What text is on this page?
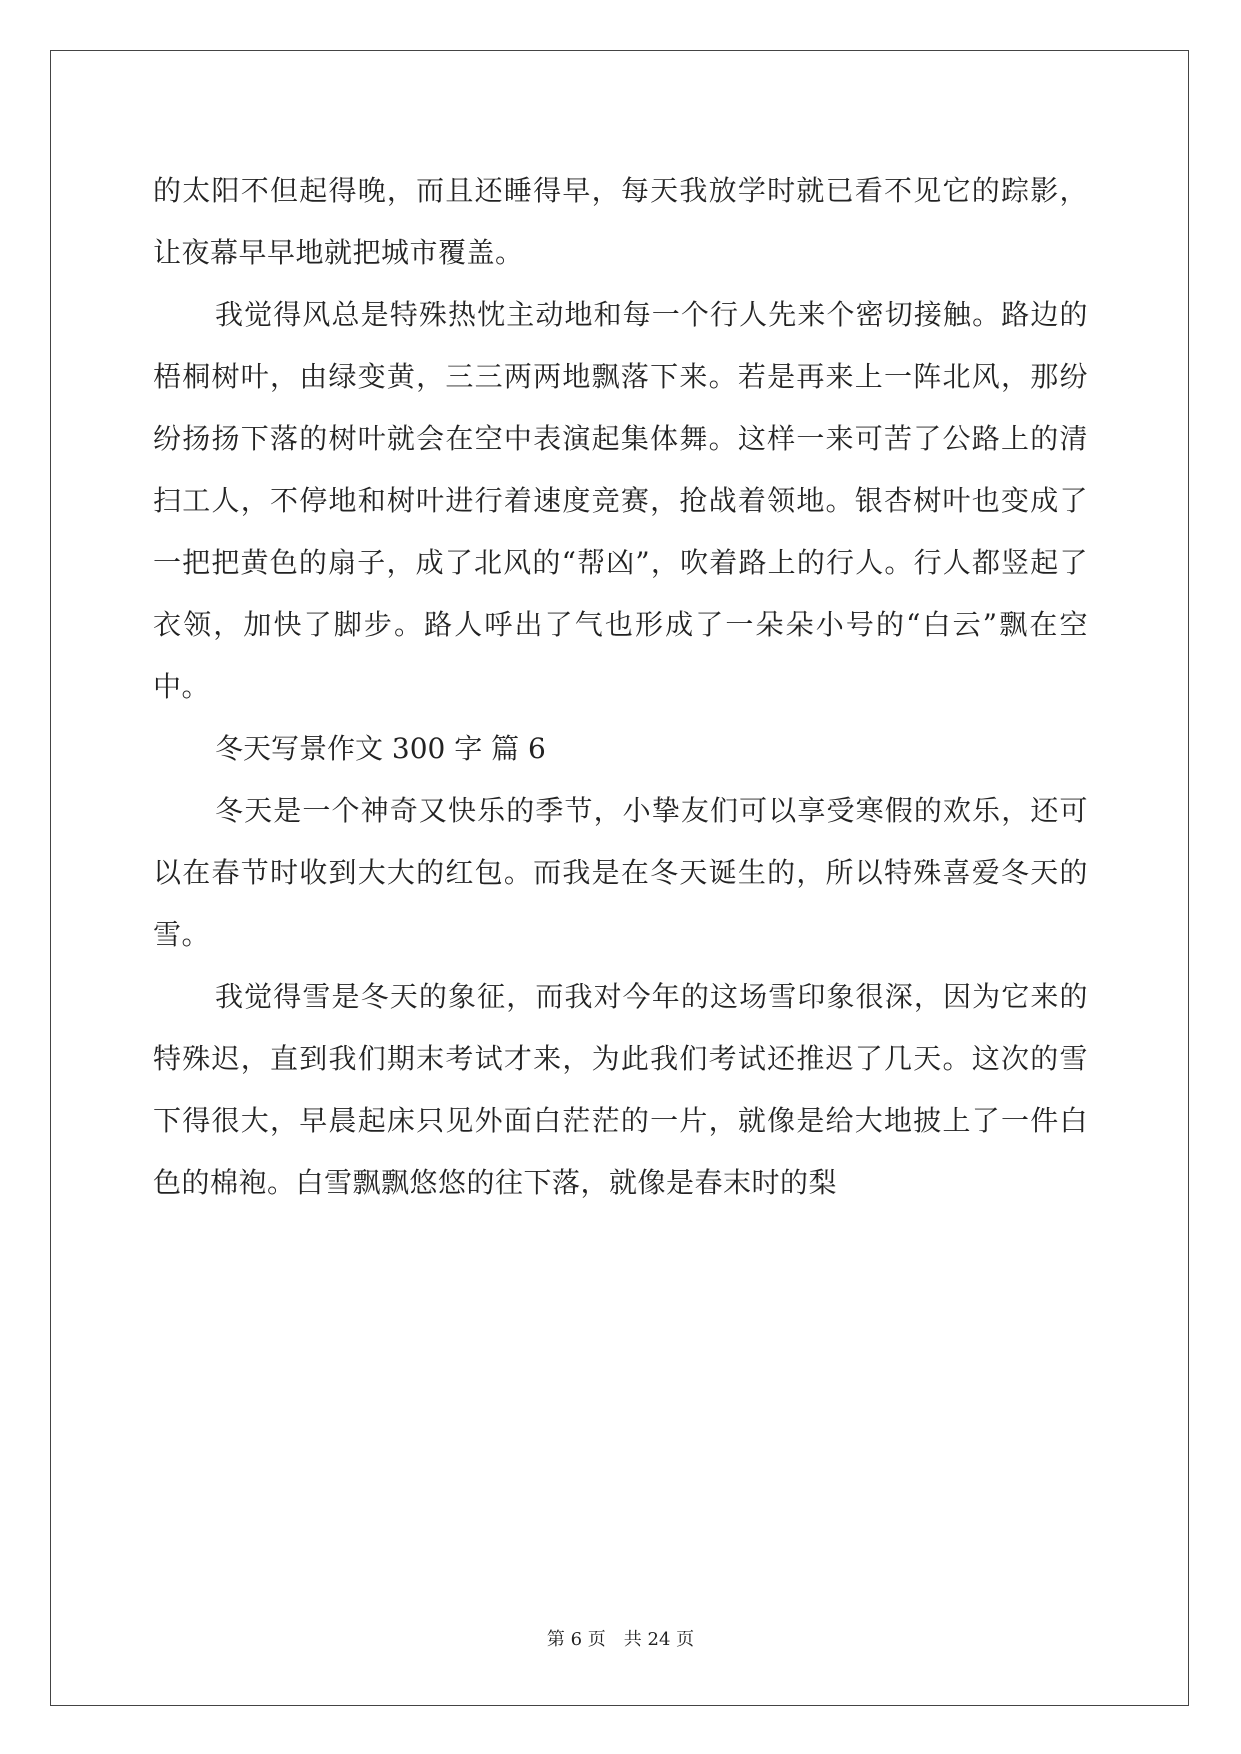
的太阳不但起得晚，而且还睡得早，每天我放学时就已看不见它的踪影，让夜幕早早地就把城市覆盖。

我觉得风总是特殊热忱主动地和每一个行人先来个密切接触。路边的梧桐树叶，由绿变黄，三三两两地飘落下来。若是再来上一阵北风，那纷纷扬扬下落的树叶就会在空中表演起集体舞。这样一来可苦了公路上的清扫工人，不停地和树叶进行着速度竞赛，抢战着领地。银杏树叶也变成了一把把黄色的扇子，成了北风的“帮凶”，吹着路上的行人。行人都竖起了衣领，加快了脚步。路人呼出了气也形成了一朵朵小号的“白云”飘在空中。

冬天写景作文 300 字 篇 6

冬天是一个神奇又快乐的季节，小挚友们可以享受寒假的欢乐，还可以在春节时收到大大的红包。而我是在冬天诞生的，所以特殊喜爱冬天的雪。

我觉得雪是冬天的象征，而我对今年的这场雪印象很深，因为它来的特殊迟，直到我们期末考试才来，为此我们考试还推迟了几天。这次的雪下得很大，早晨起床只见外面白茫茫的一片，就像是给大地披上了一件白色的棉袍。白雪飘飘悠悠的往下落，就像是春末时的梨

第 6 页 共 24 页
